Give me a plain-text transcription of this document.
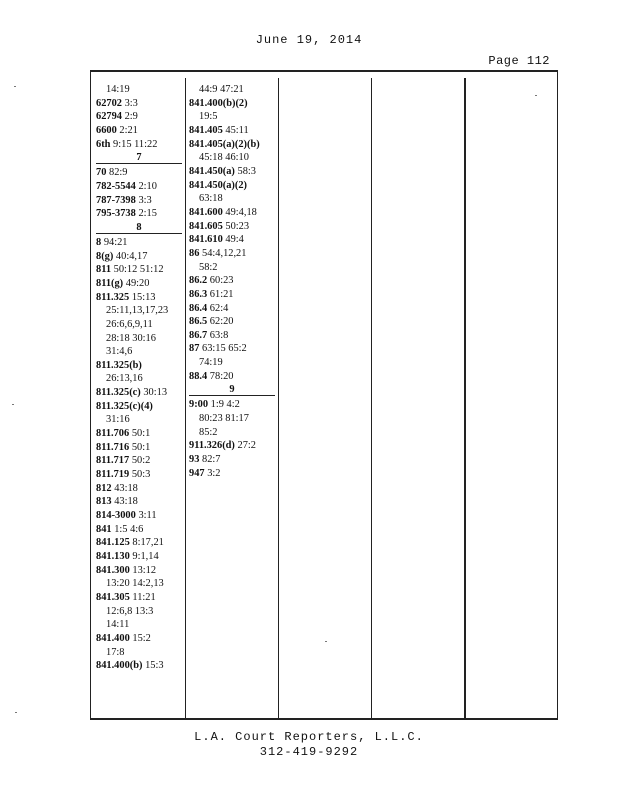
June 19, 2014
Page 112
14:19
62702 3:3
62794 2:9
6600 2:21
6th 9:15 11:22
7
70 82:9
782-5544 2:10
787-7398 3:3
795-3738 2:15
8
8 94:21
8(g) 40:4,17
811 50:12 51:12
811(g) 49:20
811.325 15:13
25:11,13,17,23
26:6,6,9,11
28:18 30:16
31:4,6
811.325(b)
26:13,16
811.325(c) 30:13
811.325(c)(4)
31:16
811.706 50:1
811.716 50:1
811.717 50:2
811.719 50:3
812 43:18
813 43:18
814-3000 3:11
841 1:5 4:6
841.125 8:17,21
841.130 9:1,14
841.300 13:12
13:20 14:2,13
841.305 11:21
12:6,8 13:3
14:11
841.400 15:2
17:8
841.400(b) 15:3
44:9 47:21
841.400(b)(2)
19:5
841.405 45:11
841.405(a)(2)(b)
45:18 46:10
841.450(a) 58:3
841.450(a)(2)
63:18
841.600 49:4,18
841.605 50:23
841.610 49:4
86 54:4,12,21
58:2
86.2 60:23
86.3 61:21
86.4 62:4
86.5 62:20
86.7 63:8
87 63:15 65:2
74:19
88.4 78:20
9
9:00 1:9 4:2
80:23 81:17
85:2
911.326(d) 27:2
93 82:7
947 3:2
L.A. Court Reporters, L.L.C.
312-419-9292
